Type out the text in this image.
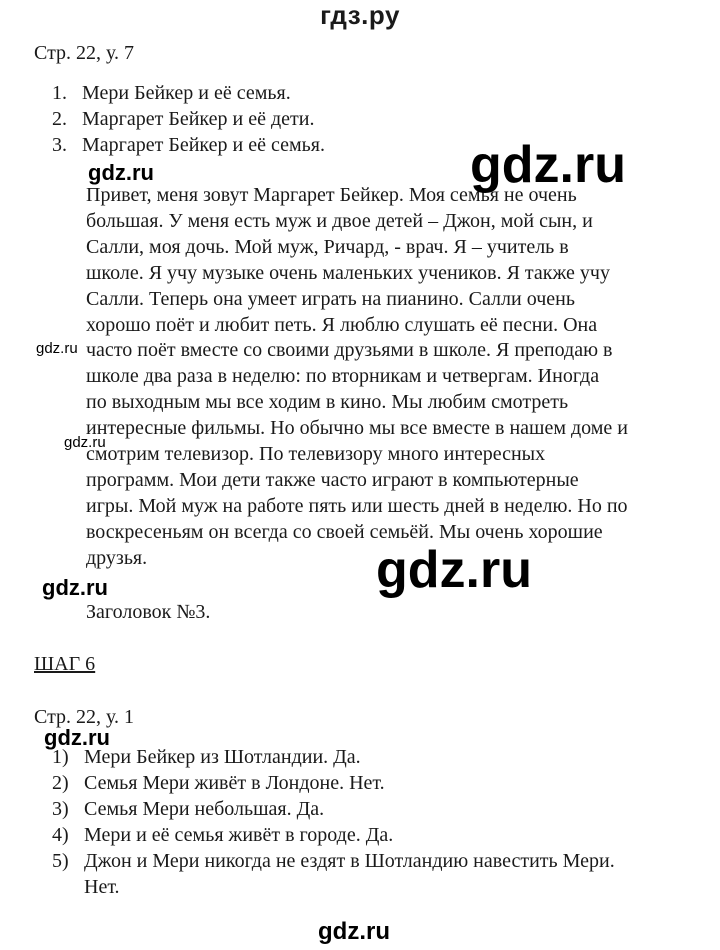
гдз.ру
Стр. 22, у. 7
1. Мери Бейкер и её семья.
2. Маргарет Бейкер и её дети.
3. Маргарет Бейкер и её семья.
Привет, меня зовут Маргарет Бейкер. Моя семья не очень
большая. У меня есть муж и двое детей – Джон, мой сын, и
Салли, моя дочь. Мой муж, Ричард, - врач. Я – учитель в
школе. Я учу музыке очень маленьких учеников. Я также учу
Салли. Теперь она умеет играть на пианино. Салли очень
хорошо поёт и любит петь. Я люблю слушать её песни. Она
часто поёт вместе со своими друзьями в школе. Я преподаю в
школе два раза в неделю: по вторникам и четвергам. Иногда
по выходным мы все ходим в кино. Мы любим смотреть
интересные фильмы. Но обычно мы все вместе в нашем доме и
смотрим телевизор. По телевизору много интересных
программ. Мои дети также часто играют в компьютерные
игры. Мой муж на работе пять или шесть дней в неделю. Но по
воскресеньям он всегда со своей семьёй. Мы очень хорошие
друзья.
Заголовок №3.
ШАГ 6
Стр. 22, у. 1
1) Мери Бейкер из Шотландии. Да.
2) Семья Мери живёт в Лондоне. Нет.
3) Семья Мери небольшая. Да.
4) Мери и её семья живёт в городе. Да.
5) Джон и Мери никогда не ездят в Шотландию навестить Мери.
Нет.
gdz.ru
gdz.ru
gdz.ru
gdz.ru
gdz.ru
gdz.ru
gdz.ru
gdz.ru
